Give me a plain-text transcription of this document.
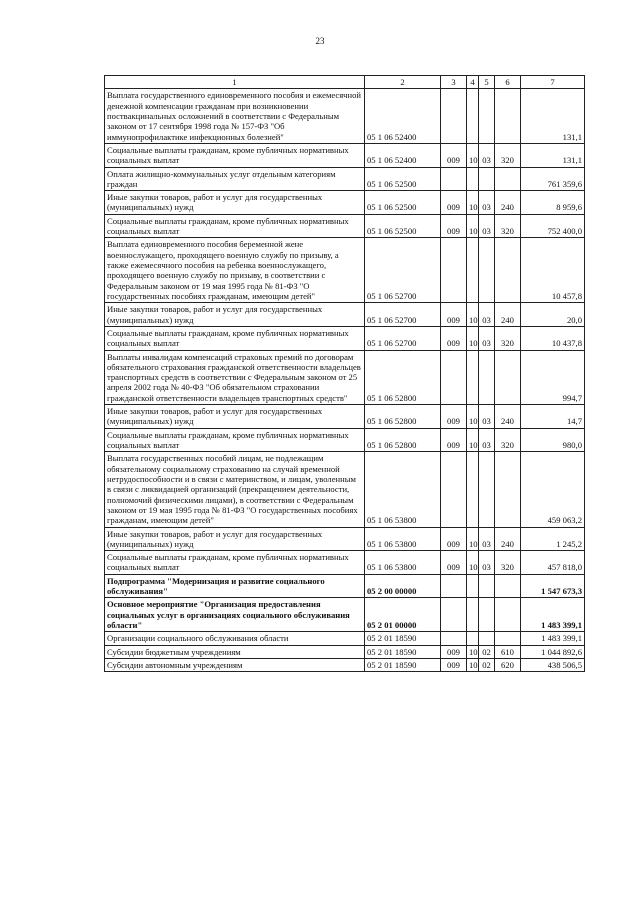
23
1	2	3	4	5	6	7
Выплата государственного единовременного пособия и ежемесячной денежной компенсации гражданам при возникновении поствакцинальных осложнений в соответствии с Федеральным законом от 17 сентября 1998 года № 157-ФЗ "Об иммунопрофилактике инфекционных болезней"	05 1 06 52400					131,1
Социальные выплаты гражданам, кроме публичных нормативных социальных выплат	05 1 06 52400	009	10	03	320	131,1
Оплата жилищно-коммунальных услуг отдельным категориям граждан	05 1 06 52500					761 359,6
Иные закупки товаров, работ и услуг для государственных (муниципальных) нужд	05 1 06 52500	009	10	03	240	8 959,6
Социальные выплаты гражданам, кроме публичных нормативных социальных выплат	05 1 06 52500	009	10	03	320	752 400,0
Выплата единовременного пособия беременной жене военнослужащего, проходящего военную службу по призыву, а также ежемесячного пособия на ребенка военнослужащего, проходящего военную службу по призыву, в соответствии с Федеральным законом от 19 мая 1995 года № 81-ФЗ "О государственных пособиях гражданам, имеющим детей"	05 1 06 52700					10 457,8
Иные закупки товаров, работ и услуг для государственных (муниципальных) нужд	05 1 06 52700	009	10	03	240	20,0
Социальные выплаты гражданам, кроме публичных нормативных социальных выплат	05 1 06 52700	009	10	03	320	10 437,8
Выплаты инвалидам компенсаций страховых премий по договорам обязательного страхования гражданской ответственности владельцев транспортных средств в соответствии с Федеральным законом от 25 апреля 2002 года № 40-ФЗ "Об обязательном страховании гражданской ответственности владельцев транспортных средств"	05 1 06 52800					994,7
Иные закупки товаров, работ и услуг для государственных (муниципальных) нужд	05 1 06 52800	009	10	03	240	14,7
Социальные выплаты гражданам, кроме публичных нормативных социальных выплат	05 1 06 52800	009	10	03	320	980,0
Выплата государственных пособий лицам, не подлежащим обязательному социальному страхованию на случай временной нетрудоспособности и в связи с материнством, и лицам, уволенным в связи с ликвидацией организаций (прекращением деятельности, полномочий физическими лицами), в соответствии с Федеральным законом от 19 мая 1995 года № 81-ФЗ "О государственных пособиях гражданам, имеющим детей"	05 1 06 53800					459 063,2
Иные закупки товаров, работ и услуг для государственных (муниципальных) нужд	05 1 06 53800	009	10	03	240	1 245,2
Социальные выплаты гражданам, кроме публичных нормативных социальных выплат	05 1 06 53800	009	10	03	320	457 818,0
Подпрограмма "Модернизация и развитие социального обслуживания"	05 2 00 00000					1 547 673,3
Основное мероприятие "Организация предоставления социальных услуг в организациях социального обслуживания области"	05 2 01 00000					1 483 399,1
Организации социального обслуживания области	05 2 01 18590					1 483 399,1
Субсидии бюджетным учреждениям	05 2 01 18590	009	10	02	610	1 044 892,6
Субсидии автономным учреждениям	05 2 01 18590	009	10	02	620	438 506,5
